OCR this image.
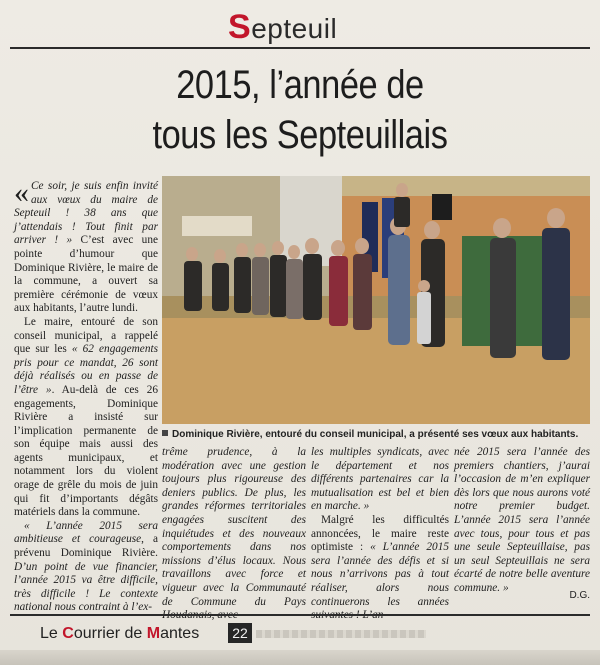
Septeuil
2015, l’année de
tous les Septeuillais

« Ce soir, je suis enfin invité aux vœux du maire de Septeuil ! 38 ans que j’attendais ! Tout finit par arriver ! » C’est avec une pointe d’humour que Dominique Rivière, le maire de la commune, a ouvert sa première cérémonie de vœux aux habitants, l’autre lundi.

Le maire, entouré de son conseil municipal, a rappelé que sur les « 62 engagements pris pour ce mandat, 26 sont déjà réalisés ou en passe de l’être ». Au-delà de ces 26 engagements, Dominique Rivière a insisté sur l’implication permanente de son équipe mais aussi des agents municipaux, et notamment lors du violent orage de grêle du mois de juin qui fit d’importants dégâts matériels dans la commune.

« L’année 2015 sera ambitieuse et courageuse, a prévenu Dominique Rivière. D’un point de vue financier, l’année 2015 va être difficile, très difficile ! Le contexte national nous contraint à l’ex-

Dominique Rivière, entouré du conseil municipal, a présenté ses vœux aux habitants.

trême prudence, à la modération avec une gestion toujours plus rigoureuse des deniers publics. De plus, les grandes réformes territoriales engagées suscitent des inquiétudes et des nouveaux comportements dans nos missions d’élus locaux. Nous travaillons avec force et vigueur avec la Communauté de Commune du Pays

les multiples syndicats, avec le département et nos différents partenaires car la mutualisation est bel et bien en marche. »

Malgré les difficultés annoncées, le maire reste optimiste : « L’année 2015 sera l’année des défis et si nous n’arrivons pas à tout réaliser, alors nous continuerons les années

née 2015 sera l’année des premiers chantiers, j’aurai l’occasion de m’en expliquer dès lors que nous aurons voté notre premier budget. L’année 2015 sera l’année avec tous, pour tous et pas une seule Septeuillaise, pas un seul Septeuillais ne sera écarté de notre belle aventure commune. »

D.G.
Le Courrier de Mantes	22
